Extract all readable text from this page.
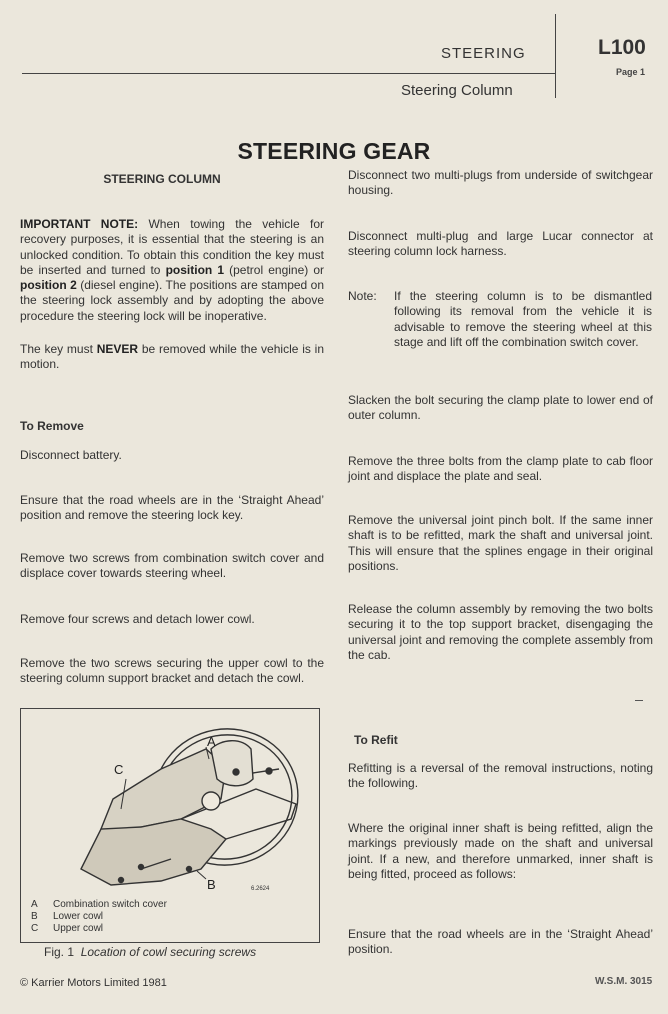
STEERING
Steering Column
L100
Page 1
STEERING GEAR
STEERING COLUMN
IMPORTANT NOTE: When towing the vehicle for recovery purposes, it is essential that the steering is an unlocked condition. To obtain this condition the key must be inserted and turned to position 1 (petrol engine) or position 2 (diesel engine). The positions are stamped on the steering lock assembly and by adopting the above procedure the steering lock will be inoperative.
The key must NEVER be removed while the vehicle is in motion.
To Remove
Disconnect battery.
Ensure that the road wheels are in the ‘Straight Ahead’ position and remove the steering lock key.
Remove two screws from combination switch cover and displace cover towards steering wheel.
Remove four screws and detach lower cowl.
Remove the two screws securing the upper cowl to the steering column support bracket and detach the cowl.
A
C
B	6.2624
A Combination switch cover
B Lower cowl
C Upper cowl
Fig. 1 Location of cowl securing screws
Disconnect two multi-plugs from underside of switchgear housing.
Disconnect multi-plug and large Lucar connector at steering column lock harness.
Note: If the steering column is to be dismantled following its removal from the vehicle it is advisable to remove the steering wheel at this stage and lift off the combination switch cover.
Slacken the bolt securing the clamp plate to lower end of outer column.
Remove the three bolts from the clamp plate to cab floor joint and displace the plate and seal.
Remove the universal joint pinch bolt. If the same inner shaft is to be refitted, mark the shaft and universal joint. This will ensure that the splines engage in their original positions.
Release the column assembly by removing the two bolts securing it to the top support bracket, disengaging the universal joint and removing the complete assembly from the cab.
To Refit
Refitting is a reversal of the removal instructions, noting the following.
Where the original inner shaft is being refitted, align the markings previously made on the shaft and universal joint. If a new, and therefore unmarked, inner shaft is being fitted, proceed as follows:
Ensure that the road wheels are in the ‘Straight Ahead’ position.
© Karrier Motors Limited 1981	W.S.M. 3015
